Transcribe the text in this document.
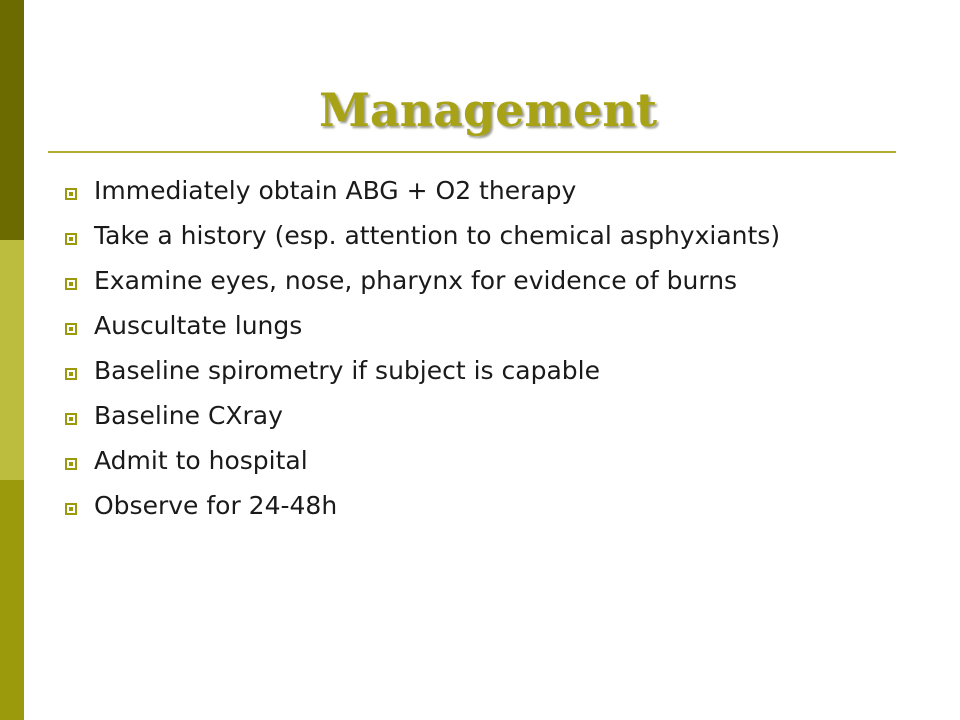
Management
Immediately obtain ABG + O2 therapy
Take a history (esp. attention to chemical asphyxiants)
Examine eyes, nose, pharynx for evidence of burns
Auscultate lungs
Baseline spirometry if subject is capable
Baseline CXray
Admit to hospital
Observe for 24-48h
